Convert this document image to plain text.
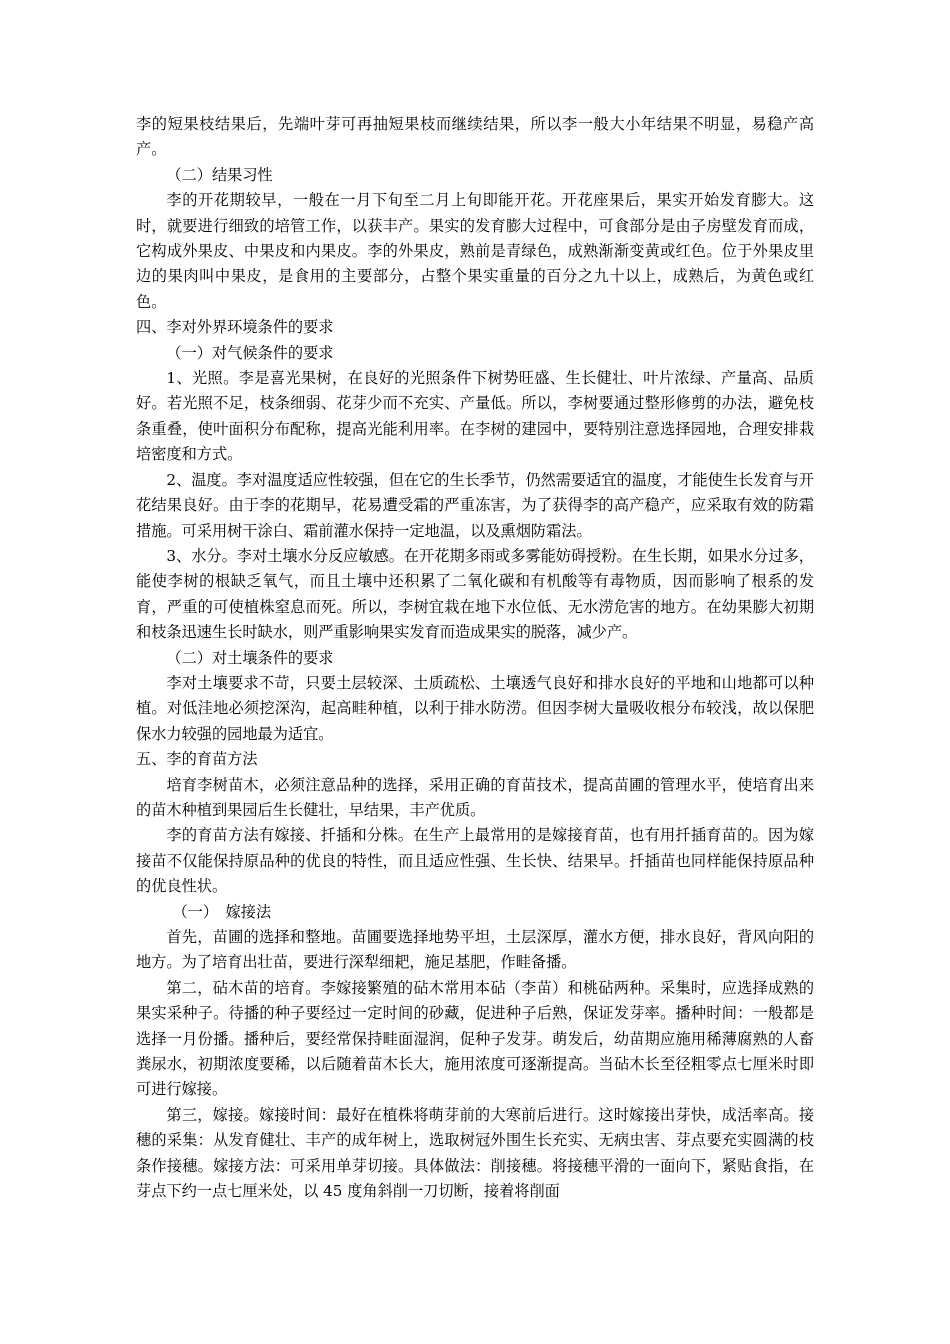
李的短果枝结果后，先端叶芽可再抽短果枝而继续结果，所以李一般大小年结果不明显，易稳产高产。

（二）结果习性

李的开花期较早，一般在一月下旬至二月上旬即能开花。开花座果后，果实开始发育膨大。这时，就要进行细致的培管工作，以获丰产。果实的发育膨大过程中，可食部分是由子房壁发育而成，它构成外果皮、中果皮和内果皮。李的外果皮，熟前是青绿色，成熟渐渐变黄或红色。位于外果皮里边的果肉叫中果皮，是食用的主要部分，占整个果实重量的百分之九十以上，成熟后，为黄色或红色。

四、李对外界环境条件的要求

（一）对气候条件的要求

1、光照。李是喜光果树，在良好的光照条件下树势旺盛、生长健壮、叶片浓绿、产量高、品质好。若光照不足，枝条细弱、花芽少而不充实、产量低。所以，李树要通过整形修剪的办法，避免枝条重叠，使叶面积分布配称，提高光能利用率。在李树的建园中，要特别注意选择园地，合理安排栽培密度和方式。

2、温度。李对温度适应性较强，但在它的生长季节，仍然需要适宜的温度，才能使生长发育与开花结果良好。由于李的花期早，花易遭受霜的严重冻害，为了获得李的高产稳产，应采取有效的防霜措施。可采用树干涂白、霜前灌水保持一定地温，以及熏烟防霜法。

3、水分。李对土壤水分反应敏感。在开花期多雨或多雾能妨碍授粉。在生长期，如果水分过多，能使李树的根缺乏氧气，而且土壤中还积累了二氧化碳和有机酸等有毒物质，因而影响了根系的发育，严重的可使植株窒息而死。所以，李树宜栽在地下水位低、无水涝危害的地方。在幼果膨大初期和枝条迅速生长时缺水，则严重影响果实发育而造成果实的脱落，减少产。

（二）对土壤条件的要求

李对土壤要求不苛，只要土层较深、土质疏松、土壤透气良好和排水良好的平地和山地都可以种植。对低洼地必须挖深沟，起高畦种植，以利于排水防涝。但因李树大量吸收根分布较浅，故以保肥保水力较强的园地最为适宜。

五、李的育苗方法

培育李树苗木，必须注意品种的选择，采用正确的育苗技术，提高苗圃的管理水平，使培育出来的苗木种植到果园后生长健壮，早结果，丰产优质。

李的育苗方法有嫁接、扦插和分株。在生产上最常用的是嫁接育苗，也有用扦插育苗的。因为嫁接苗不仅能保持原品种的优良的特性，而且适应性强、生长快、结果早。扦插苗也同样能保持原品种的优良性状。

（一）　嫁接法

首先，苗圃的选择和整地。苗圃要选择地势平坦，土层深厚，灌水方便，排水良好，背风向阳的地方。为了培育出壮苗，要进行深犁细耙，施足基肥，作畦备播。

第二，砧木苗的培育。李嫁接繁殖的砧木常用本砧（李苗）和桃砧两种。采集时，应选择成熟的果实采种子。待播的种子要经过一定时间的砂藏，促进种子后熟，保证发芽率。播种时间：一般都是选择一月份播。播种后，要经常保持畦面湿润，促种子发芽。萌发后，幼苗期应施用稀薄腐熟的人畜粪尿水，初期浓度要稀，以后随着苗木长大，施用浓度可逐渐提高。当砧木长至径粗零点七厘米时即可进行嫁接。

第三，嫁接。嫁接时间：最好在植株将萌芽前的大寒前后进行。这时嫁接出芽快，成活率高。接穗的采集：从发育健壮、丰产的成年树上，选取树冠外围生长充实、无病虫害、芽点要充实圆满的枝条作接穗。嫁接方法：可采用单芽切接。具体做法：削接穗。将接穗平滑的一面向下，紧贴食指，在芽点下约一点七厘米处，以 45 度角斜削一刀切断，接着将削面
